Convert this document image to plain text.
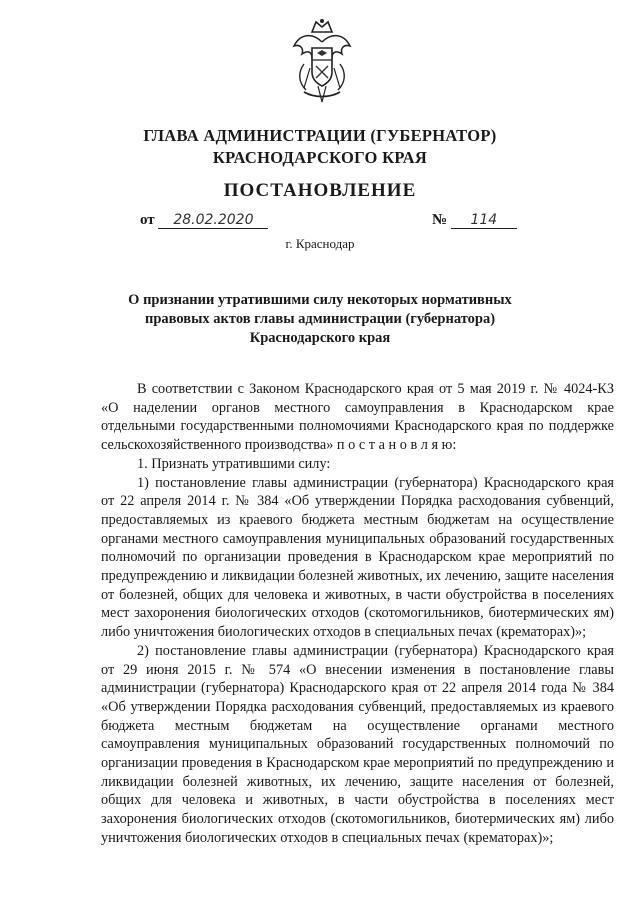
ГЛАВА АДМИНИСТРАЦИИ (ГУБЕРНАТОР)
КРАСНОДАРСКОГО КРАЯ
ПОСТАНОВЛЕНИЕ
от 28.02.2020	№ 114
г. Краснодар
О признании утратившими силу некоторых нормативных правовых актов главы администрации (губернатора) Краснодарского края

В соответствии с Законом Краснодарского края от 5 мая 2019 г. № 4024-КЗ «О наделении органов местного самоуправления в Краснодарском крае отдельными государственными полномочиями Краснодарского края по поддержке сельскохозяйственного производства» п о с т а н о в л я ю:

1. Признать утратившими силу:

1) постановление главы администрации (губернатора) Краснодарского края от 22 апреля 2014 г. № 384 «Об утверждении Порядка расходования субвенций, предоставляемых из краевого бюджета местным бюджетам на осуществление органами местного самоуправления муниципальных образований государственных полномочий по организации проведения в Краснодарском крае мероприятий по предупреждению и ликвидации болезней животных, их лечению, защите населения от болезней, общих для человека и животных, в части обустройства в поселениях мест захоронения биологических отходов (скотомогильников, биотермических ям) либо уничтожения биологических отходов в специальных печах (крематорах)»;

2) постановление главы администрации (губернатора) Краснодарского края от 29 июня 2015 г. № 574 «О внесении изменения в постановление главы администрации (губернатора) Краснодарского края от 22 апреля 2014 года № 384 «Об утверждении Порядка расходования субвенций, предоставляемых из краевого бюджета местным бюджетам на осуществление органами местного самоуправления муниципальных образований государственных полномочий по организации проведения в Краснодарском крае мероприятий по предупреждению и ликвидации болезней животных, их лечению, защите населения от болезней, общих для человека и животных, в части обустройства в поселениях мест захоронения биологических отходов (скотомогильников, биотермических ям) либо уничтожения биологических отходов в специальных печах (крематорах)»;
